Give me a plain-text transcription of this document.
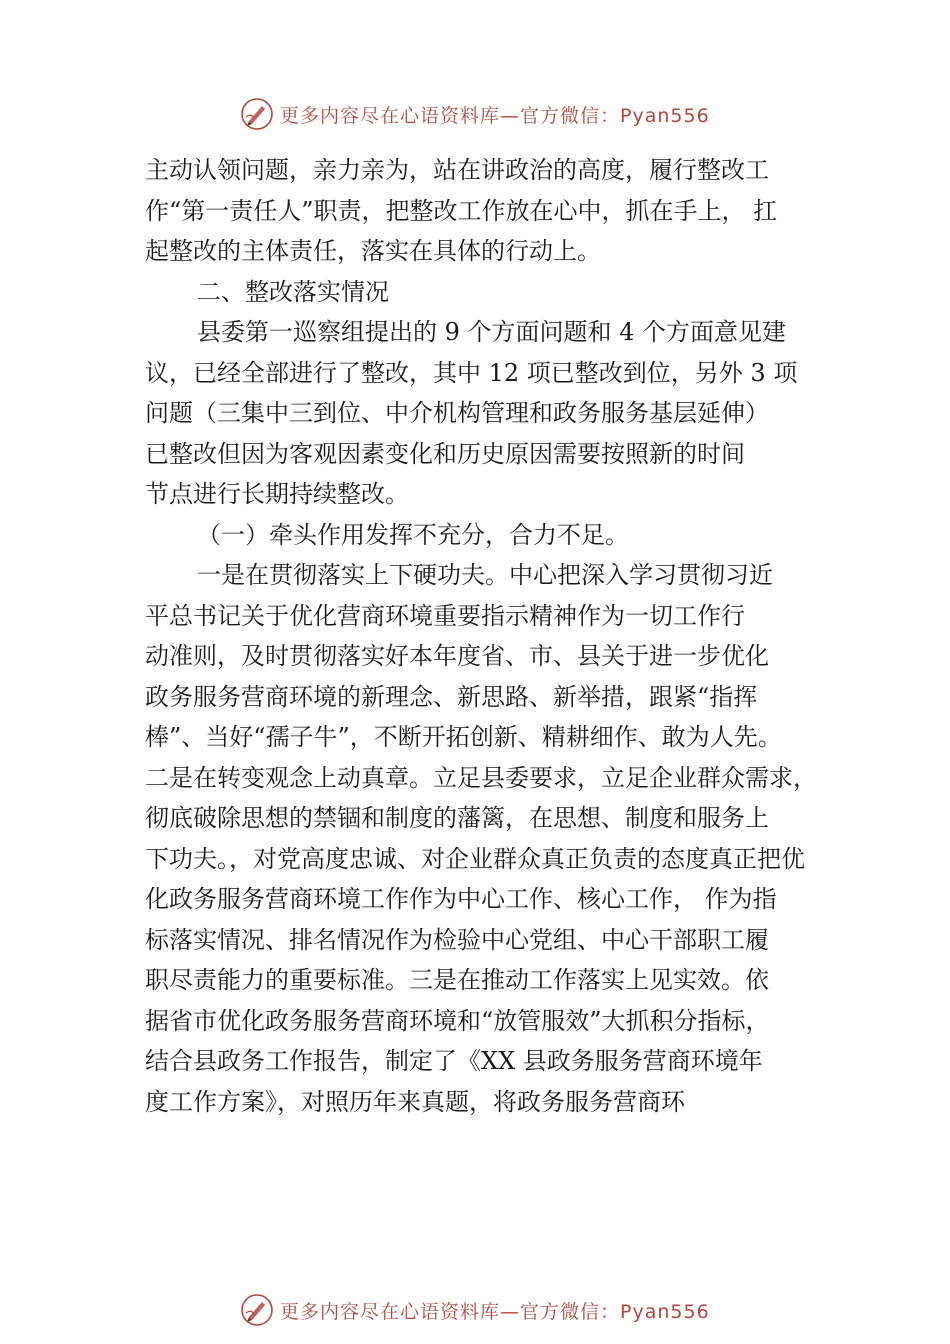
更多内容尽在心语资料库—官方微信：Pyan556

主动认领问题，亲力亲为，站在讲政治的高度，履行整改工
作“第一责任人”职责，把整改工作放在心中，抓在手上， 扛
起整改的主体责任，落实在具体的行动上。

二、整改落实情况

县委第一巡察组提出的 9 个方面问题和 4 个方面意见建
议，已经全部进行了整改，其中 12 项已整改到位，另外 3 项
问题（三集中三到位、中介机构管理和政务服务基层延伸）
已整改但因为客观因素变化和历史原因需要按照新的时间
节点进行长期持续整改。

（一）牵头作用发挥不充分，合力不足。

一是在贯彻落实上下硬功夫。中心把深入学习贯彻习近
平总书记关于优化营商环境重要指示精神作为一切工作行
动准则，及时贯彻落实好本年度省、市、县关于进一步优化
政务服务营商环境的新理念、新思路、新举措，跟紧“指挥
棒”、当好“孺子牛”，不断开拓创新、精耕细作、敢为人先。
二是在转变观念上动真章。立足县委要求，立足企业群众需求，
彻底破除思想的禁锢和制度的藩篱，在思想、制度和服务上
下功夫。，对党高度忠诚、对企业群众真正负责的态度真正把优
化政务服务营商环境工作作为中心工作、核心工作， 作为指
标落实情况、排名情况作为检验中心党组、中心干部职工履
职尽责能力的重要标准。三是在推动工作落实上见实效。依
据省市优化政务服务营商环境和“放管服效”大抓积分指标，
结合县政务工作报告，制定了《XX 县政务服务营商环境年
度工作方案》，对照历年来真题，将政务服务营商环

更多内容尽在心语资料库—官方微信：Pyan556
